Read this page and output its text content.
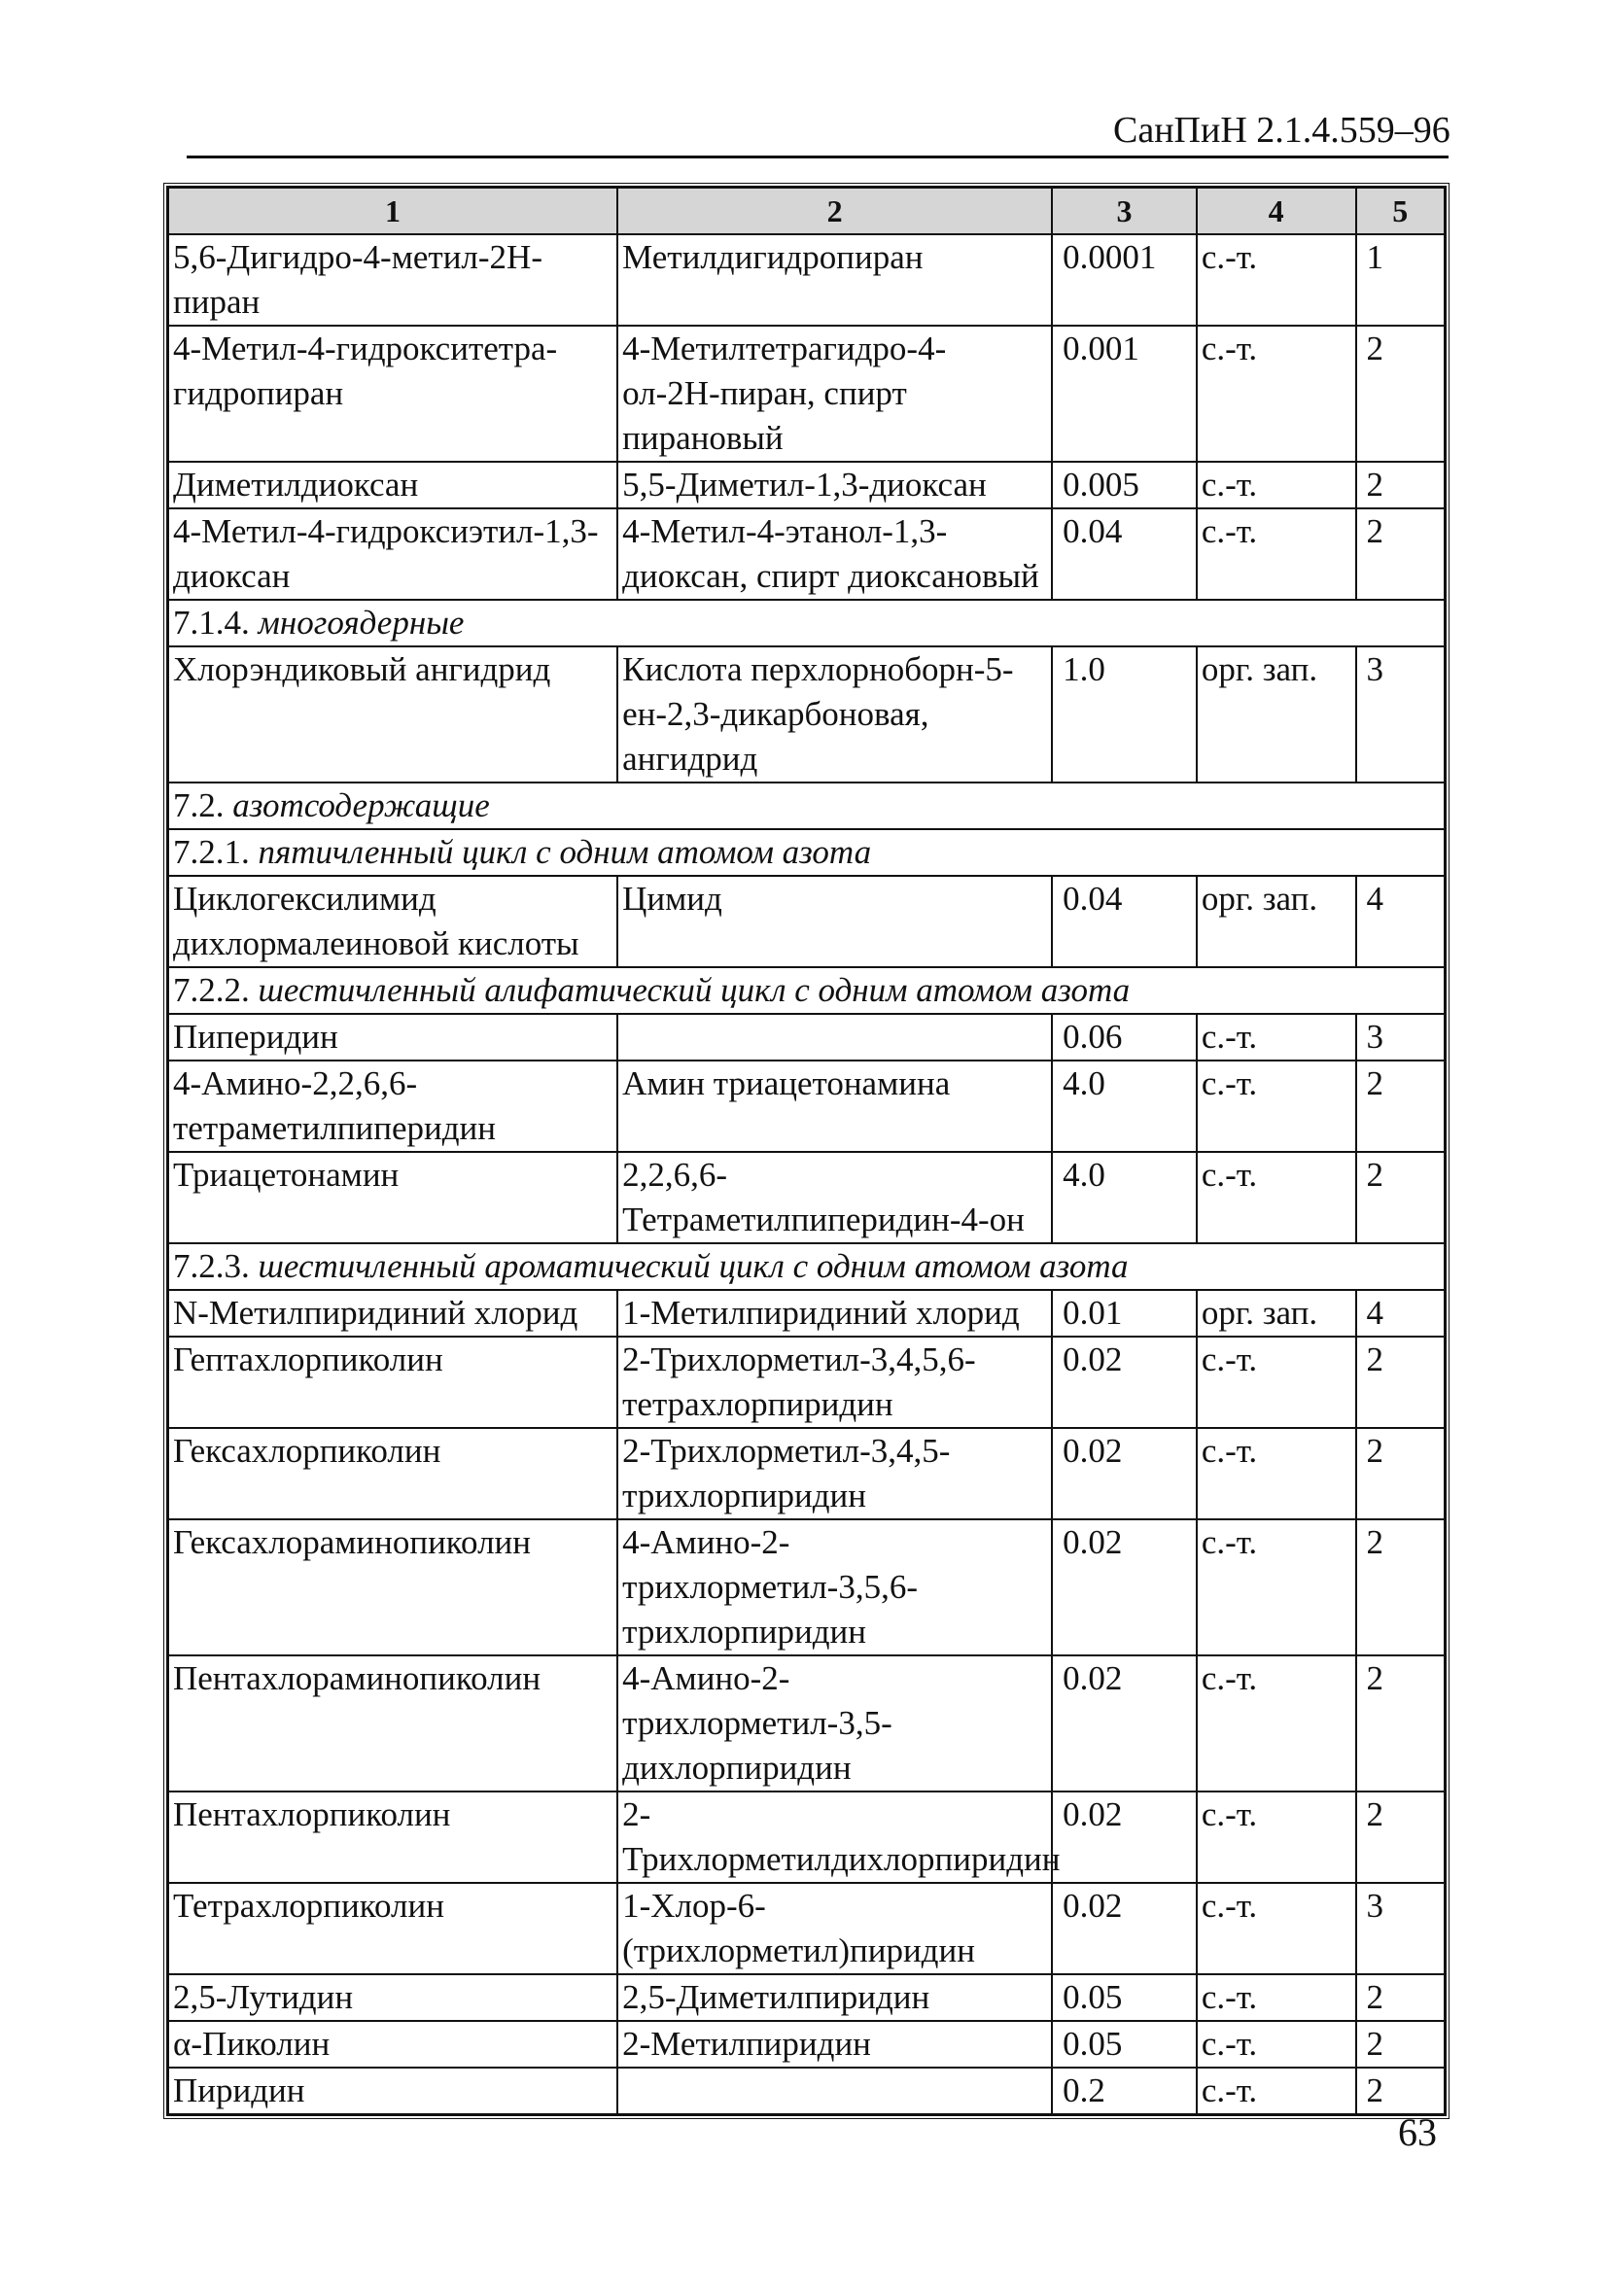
СанПиН 2.1.4.559–96
1	2	3	4	5
5,6-Дигидро-4-метил-2Н-пиран	Метилдигидропиран	0.0001	с.-т.	1
4-Метил-4-гидрокситетра-гидропиран	4-Метилтетрагидро-4- ол-2Н-пиран, спирт пирановый	0.001	с.-т.	2
Диметилдиоксан	5,5-Диметил-1,3-диоксан	0.005	с.-т.	2
4-Метил-4-гидроксиэтил-1,3-диоксан	4-Метил-4-этанол-1,3- диоксан, спирт диоксановый	0.04	с.-т.	2
7.1.4. многоядерные				
Хлорэндиковый ангидрид	Кислота перхлорноборн-5-ен-2,3-дикарбоновая, ангидрид	1.0	орг. зап.	3
7.2. азотсодержащие				
7.2.1. пятичленный цикл с одним атомом азота				
Циклогексилимид дихлормалеиновой кислоты	Цимид	0.04	орг. зап.	4
7.2.2. шестичленный алифатический цикл с одним атомом азота				
Пиперидин		0.06	с.-т.	3
4-Амино-2,2,6,6-тетраметилпиперидин	Амин триацетонамина	4.0	с.-т.	2
Триацетонамин	2,2,6,6-Тетраметилпиперидин-4-он	4.0	с.-т.	2
7.2.3. шестичленный ароматический цикл с одним атомом азота				
N-Метилпиридиний хлорид	1-Метилпиридиний хлорид	0.01	орг. зап.	4
Гептахлорпиколин	2-Трихлорметил-3,4,5,6-тетрахлорпиридин	0.02	с.-т.	2
Гексахлорпиколин	2-Трихлорметил-3,4,5-трихлорпиридин	0.02	с.-т.	2
Гексахлораминопиколин	4-Амино-2-трихлорметил-3,5,6-трихлорпиридин	0.02	с.-т.	2
Пентахлораминопиколин	4-Амино-2-трихлорметил-3,5-дихлорпиридин	0.02	с.-т.	2
Пентахлорпиколин	2-Трихлорметилдихлорпиридин	0.02	с.-т.	2
Тетрахлорпиколин	1-Хлор-6-(трихлорметил)пиридин	0.02	с.-т.	3
2,5-Лутидин	2,5-Диметилпиридин	0.05	с.-т.	2
α-Пиколин	2-Метилпиридин	0.05	с.-т.	2
Пиридин		0.2	с.-т.	2
63
